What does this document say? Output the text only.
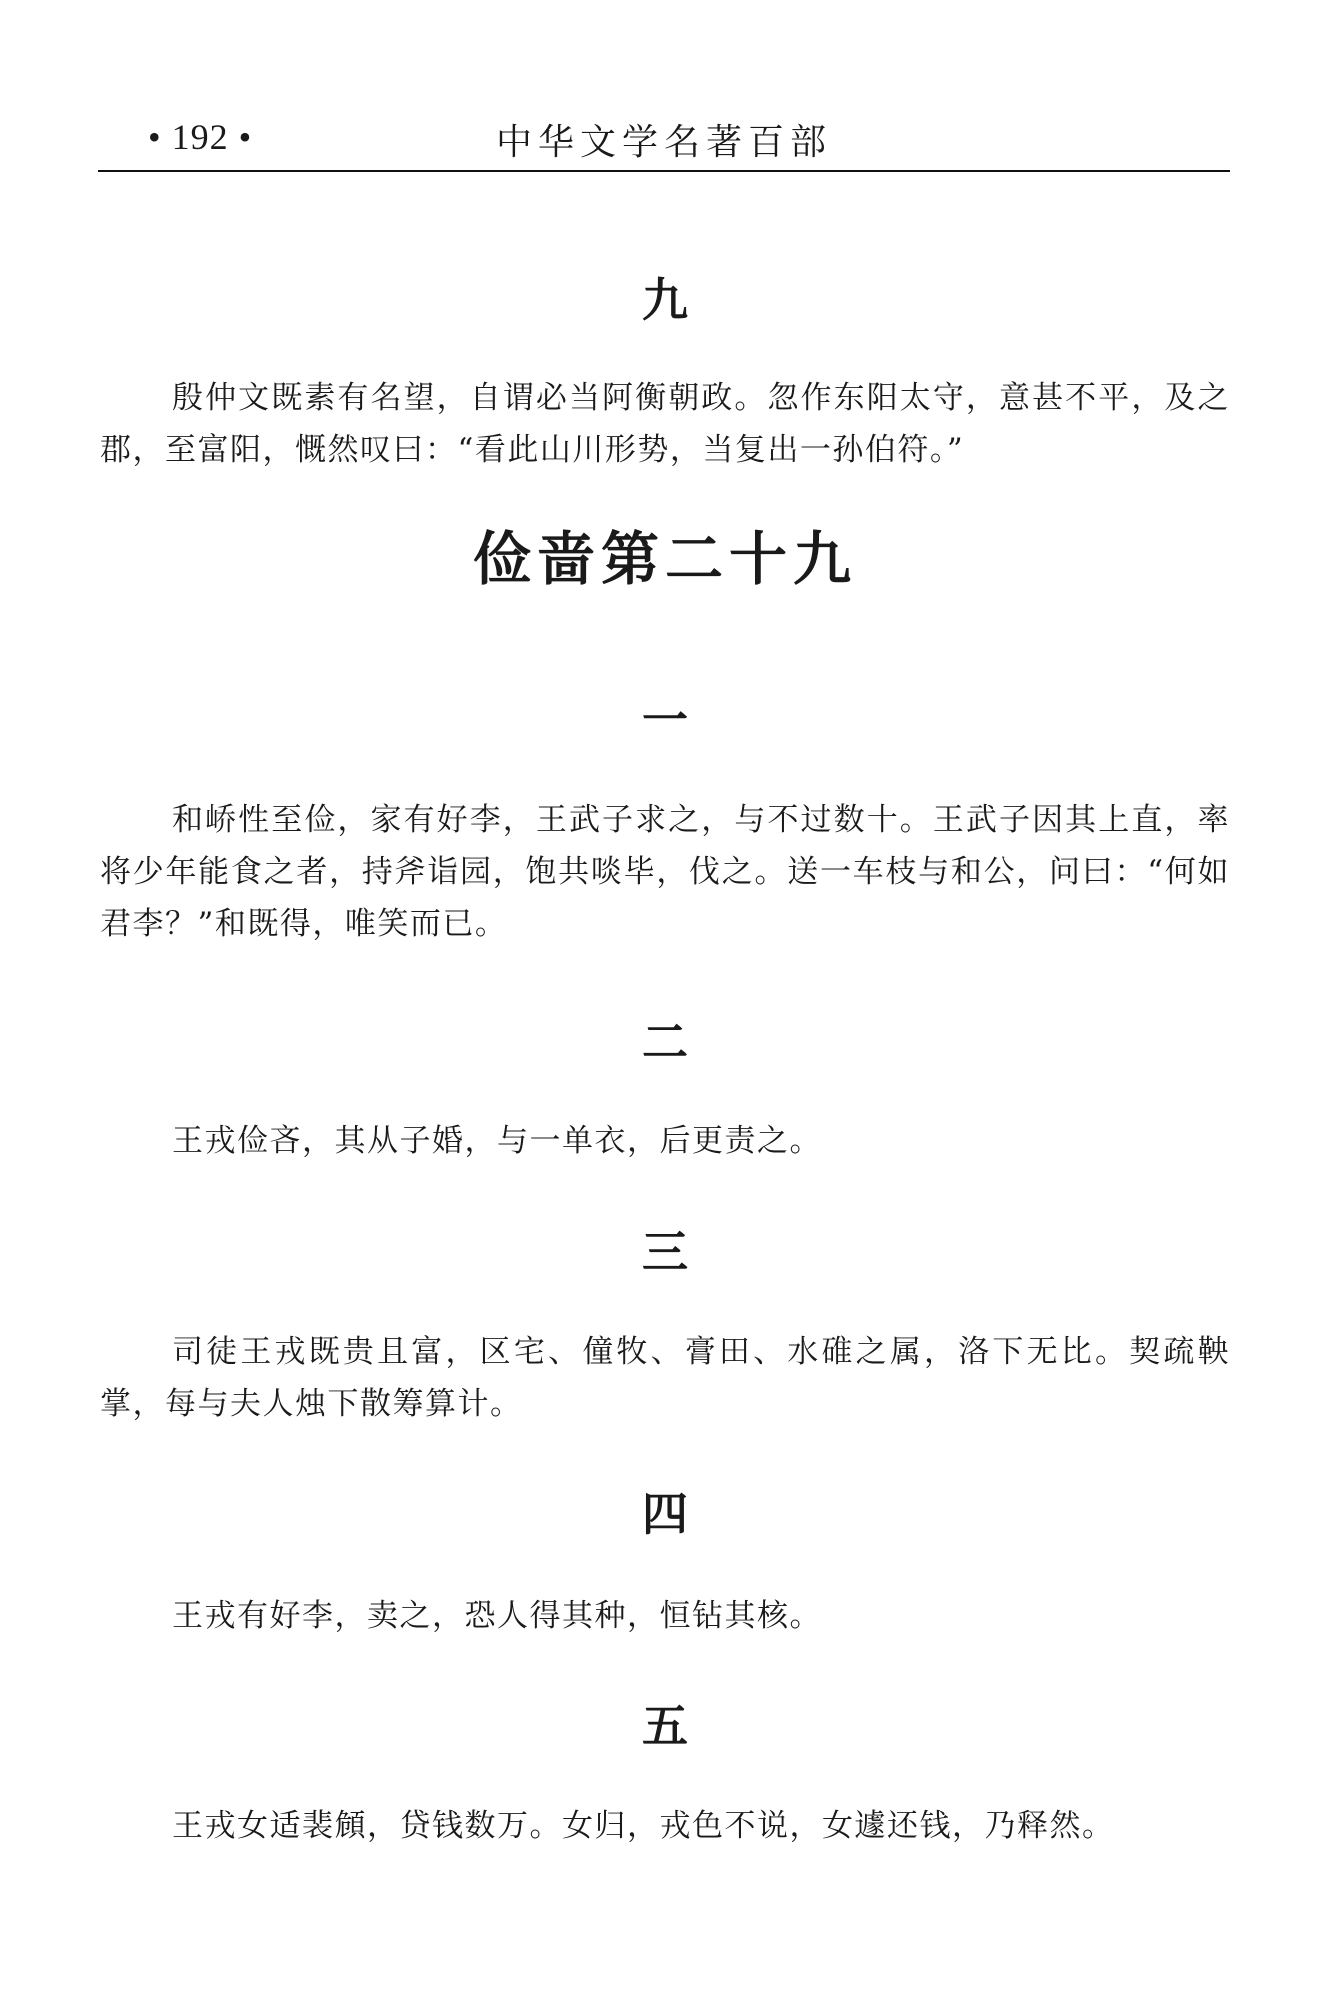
• 192 •	中华文学名著百部
九

殷仲文既素有名望，自谓必当阿衡朝政。忽作东阳太守，意甚不平，及之郡，至富阳，慨然叹曰：“看此山川形势，当复出一孙伯符。”

俭啬第二十九
一

和峤性至俭，家有好李，王武子求之，与不过数十。王武子因其上直，率将少年能食之者，持斧诣园，饱共啖毕，伐之。送一车枝与和公，问曰：“何如君李？”和既得，唯笑而已。

二

王戎俭吝，其从子婚，与一单衣，后更责之。

三

司徒王戎既贵且富，区宅、僮牧、膏田、水碓之属，洛下无比。契疏鞅掌，每与夫人烛下散筹算计。

四

王戎有好李，卖之，恐人得其种，恒钻其核。

五

王戎女适裴頠，贷钱数万。女归，戎色不说，女遽还钱，乃释然。
